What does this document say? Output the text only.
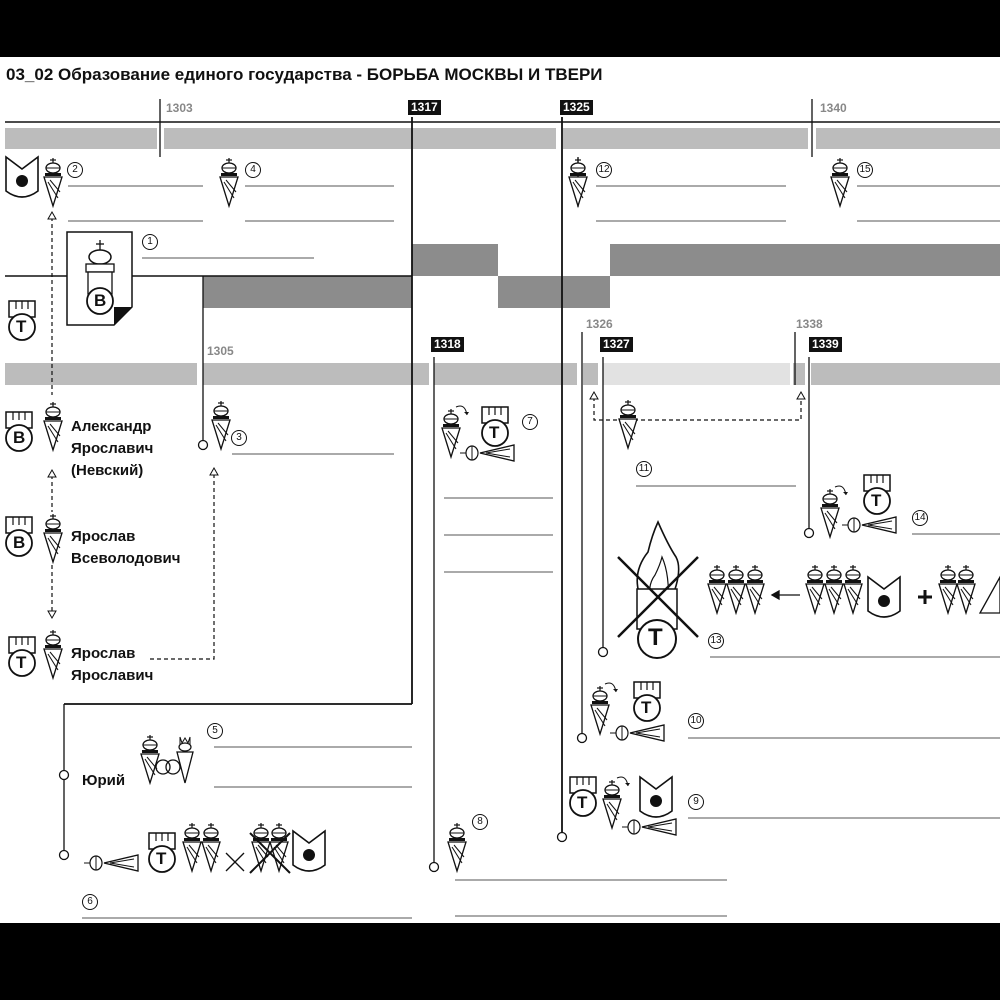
03_02 Образование единого государства - БОРЬБА МОСКВЫ И ТВЕРИ
1303	1317	1325	1340
1305	1318
1326
1327
1338
1339
Александр
Ярославич
(Невский)
Ярослав
Всеволодович
Ярослав
Ярославич
Юрий
В
Т
В
В
Т
Т
Т
Т
Т
Т
Т
1
2
3
4
5
6
7
8
9
10
11
12
13
14
15
